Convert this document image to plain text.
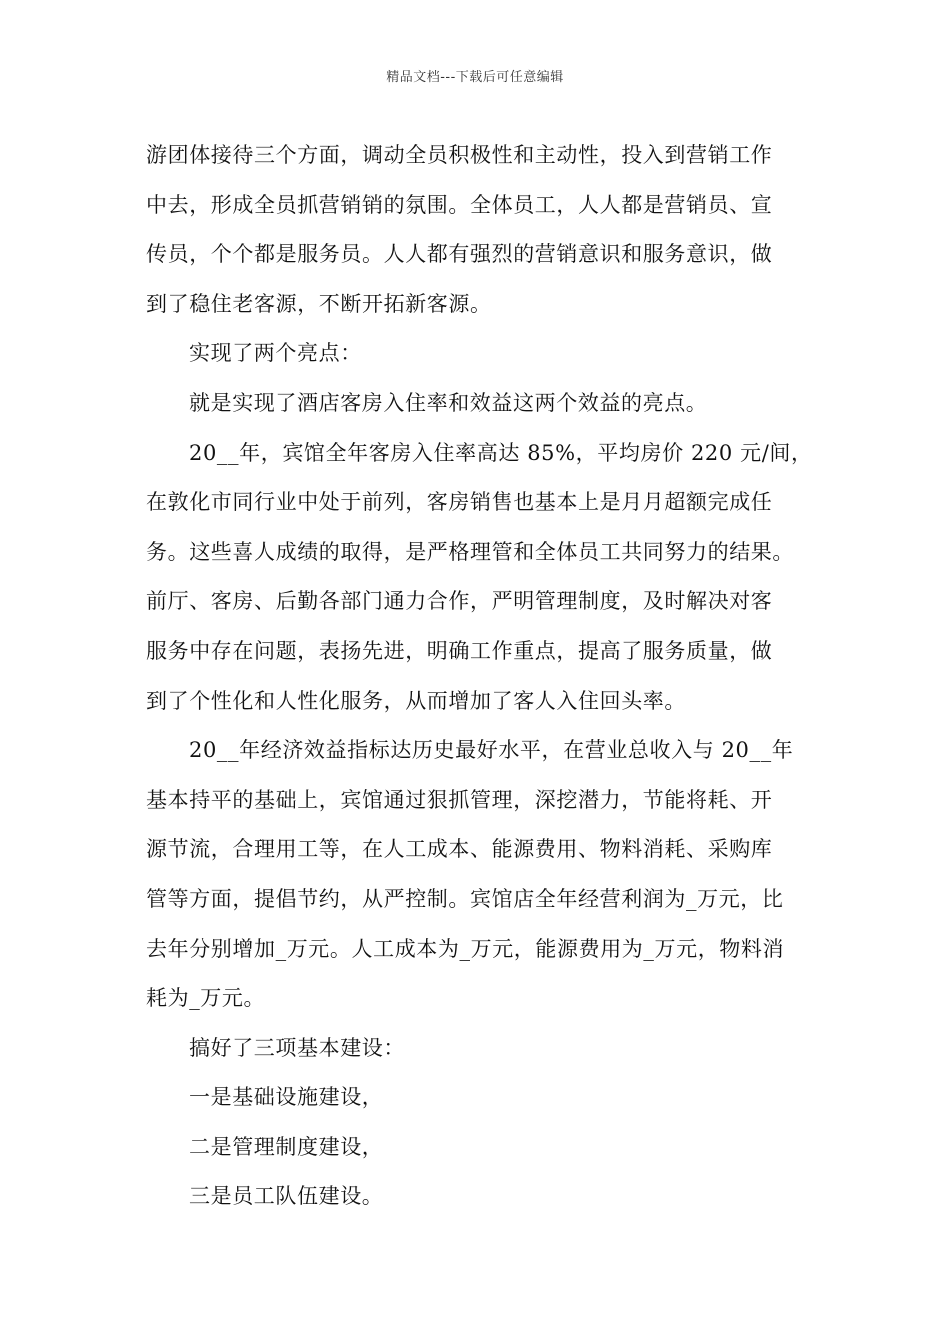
精品文档---下载后可任意编辑
游团体接待三个方面，调动全员积极性和主动性，投入到营销工作
中去，形成全员抓营销销的氛围。全体员工，人人都是营销员、宣
传员，个个都是服务员。人人都有强烈的营销意识和服务意识，做
到了稳住老客源，不断开拓新客源。
实现了两个亮点：
就是实现了酒店客房入住率和效益这两个效益的亮点。
20__年，宾馆全年客房入住率高达 85%，平均房价 220 元/间，
在敦化市同行业中处于前列，客房销售也基本上是月月超额完成任
务。这些喜人成绩的取得，是严格理管和全体员工共同努力的结果。
前厅、客房、后勤各部门通力合作，严明管理制度，及时解决对客
服务中存在问题，表扬先进，明确工作重点，提高了服务质量，做
到了个性化和人性化服务，从而增加了客人入住回头率。
20__年经济效益指标达历史最好水平，在营业总收入与 20__年
基本持平的基础上，宾馆通过狠抓管理，深挖潜力，节能将耗、开
源节流，合理用工等，在人工成本、能源费用、物料消耗、采购库
管等方面，提倡节约，从严控制。宾馆店全年经营利润为_万元，比
去年分别增加_万元。人工成本为_万元，能源费用为_万元，物料消
耗为_万元。
搞好了三项基本建设：
一是基础设施建设，
二是管理制度建设，
三是员工队伍建设。
